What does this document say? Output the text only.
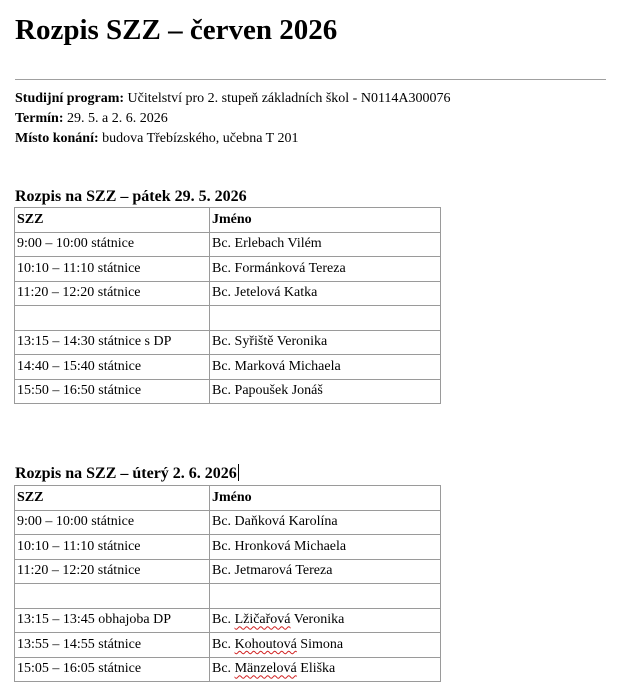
Rozpis SZZ – červen 2026
Studijní program: Učitelství pro 2. stupeň základních škol - N0114A300076
Termín: 29. 5. a 2. 6. 2026
Místo konání: budova Třebízského, učebna T 201
Rozpis na SZZ – pátek 29. 5. 2026
SZZ	Jméno
9:00 – 10:00 státnice	Bc. Erlebach Vilém
10:10 – 11:10 státnice	Bc. Formánková Tereza
11:20 – 12:20 státnice	Bc. Jetelová Katka

13:15 – 14:30 státnice s DP	Bc. Syřiště Veronika
14:40 – 15:40 státnice	Bc. Marková Michaela
15:50 – 16:50 státnice	Bc. Papoušek Jonáš
Rozpis na SZZ – úterý 2. 6. 2026
SZZ	Jméno
9:00 – 10:00 státnice	Bc. Daňková Karolína
10:10 – 11:10 státnice	Bc. Hronková Michaela
11:20 – 12:20 státnice	Bc. Jetmarová Tereza

13:15 – 13:45 obhajoba DP	Bc. Lžičařová Veronika
13:55 – 14:55 státnice	Bc. Kohoutová Simona
15:05 – 16:05 státnice	Bc. Mänzelová Eliška
